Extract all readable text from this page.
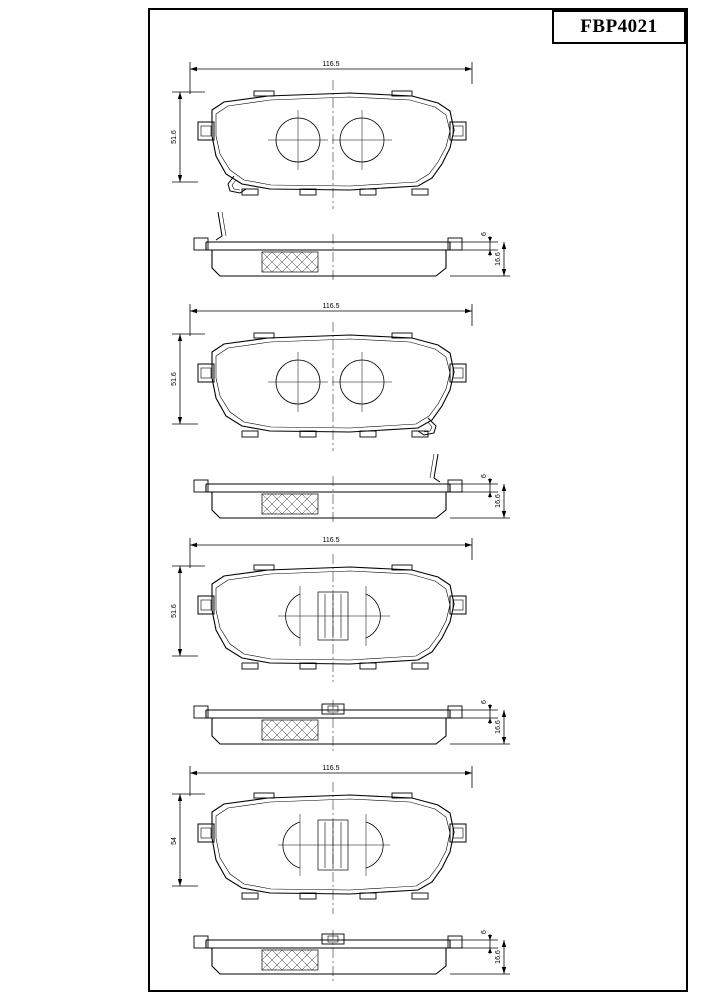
FBP4021
116.5
51.6
6
16.6
116.5
51.6
6
16.6
116.5
51.6
6
16.6
116.5
54
6
16.6
